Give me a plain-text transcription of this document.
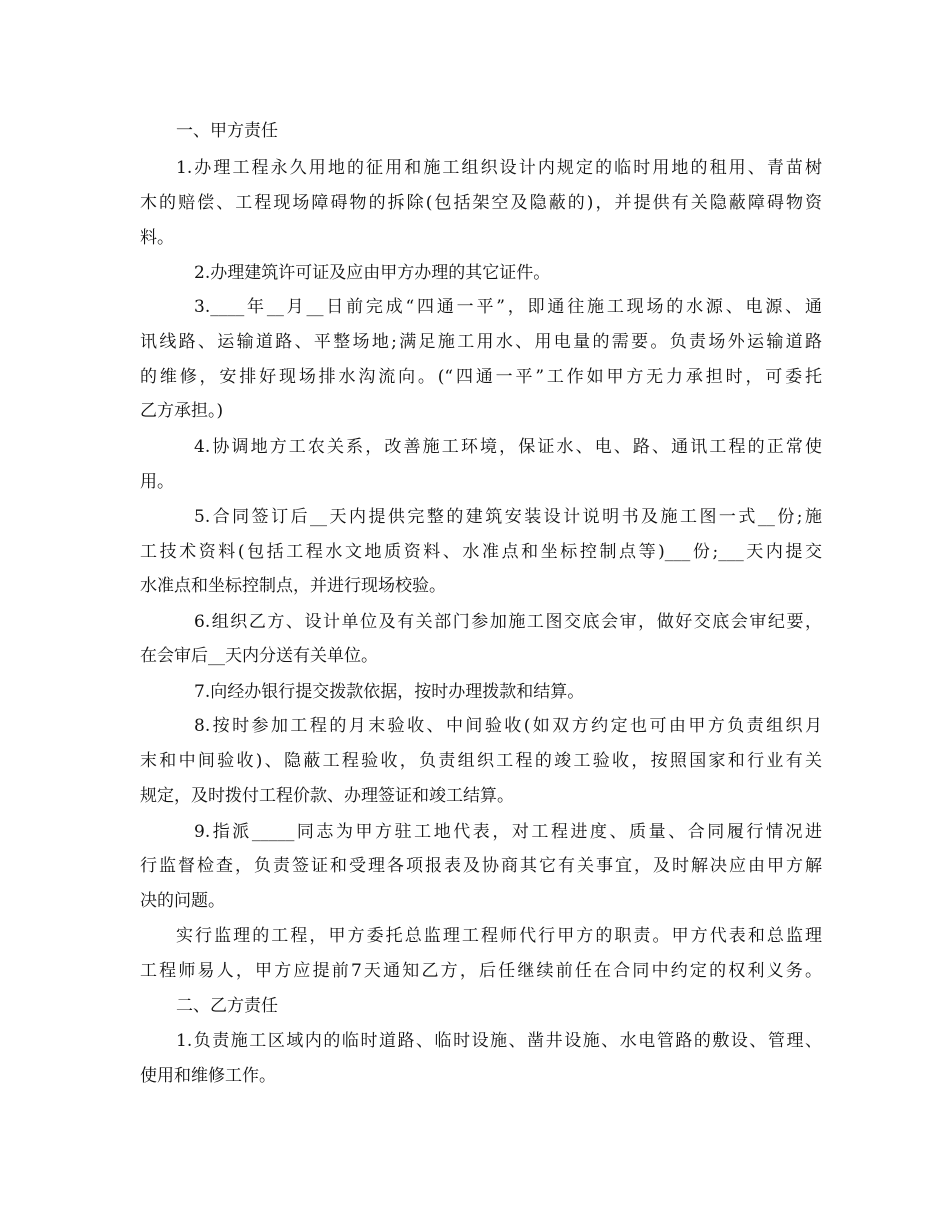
一、甲方责任
1.办理工程永久用地的征用和施工组织设计内规定的临时用地的租用、青苗树
木的赔偿、工程现场障碍物的拆除(包括架空及隐蔽的)，并提供有关隐蔽障碍物资
料。
2.办理建筑许可证及应由甲方办理的其它证件。
3.____年__月__日前完成“四通一平”，即通往施工现场的水源、电源、通
讯线路、运输道路、平整场地;满足施工用水、用电量的需要。负责场外运输道路
的维修，安排好现场排水沟流向。(“四通一平”工作如甲方无力承担时，可委托
乙方承担。)
4.协调地方工农关系，改善施工环境，保证水、电、路、通讯工程的正常使
用。
5.合同签订后__天内提供完整的建筑安装设计说明书及施工图一式__份;施
工技术资料(包括工程水文地质资料、水准点和坐标控制点等)___份;___天内提交
水准点和坐标控制点，并进行现场校验。
6.组织乙方、设计单位及有关部门参加施工图交底会审，做好交底会审纪要，
在会审后__天内分送有关单位。
7.向经办银行提交拨款依据，按时办理拨款和结算。
8.按时参加工程的月末验收、中间验收(如双方约定也可由甲方负责组织月
末和中间验收)、隐蔽工程验收，负责组织工程的竣工验收，按照国家和行业有关
规定，及时拨付工程价款、办理签证和竣工结算。
9.指派_____同志为甲方驻工地代表，对工程进度、质量、合同履行情况进
行监督检查，负责签证和受理各项报表及协商其它有关事宜，及时解决应由甲方解
决的问题。
实行监理的工程，甲方委托总监理工程师代行甲方的职责。甲方代表和总监理
工程师易人，甲方应提前7天通知乙方，后任继续前任在合同中约定的权利义务。
二、乙方责任
1.负责施工区域内的临时道路、临时设施、凿井设施、水电管路的敷设、管理、
使用和维修工作。
